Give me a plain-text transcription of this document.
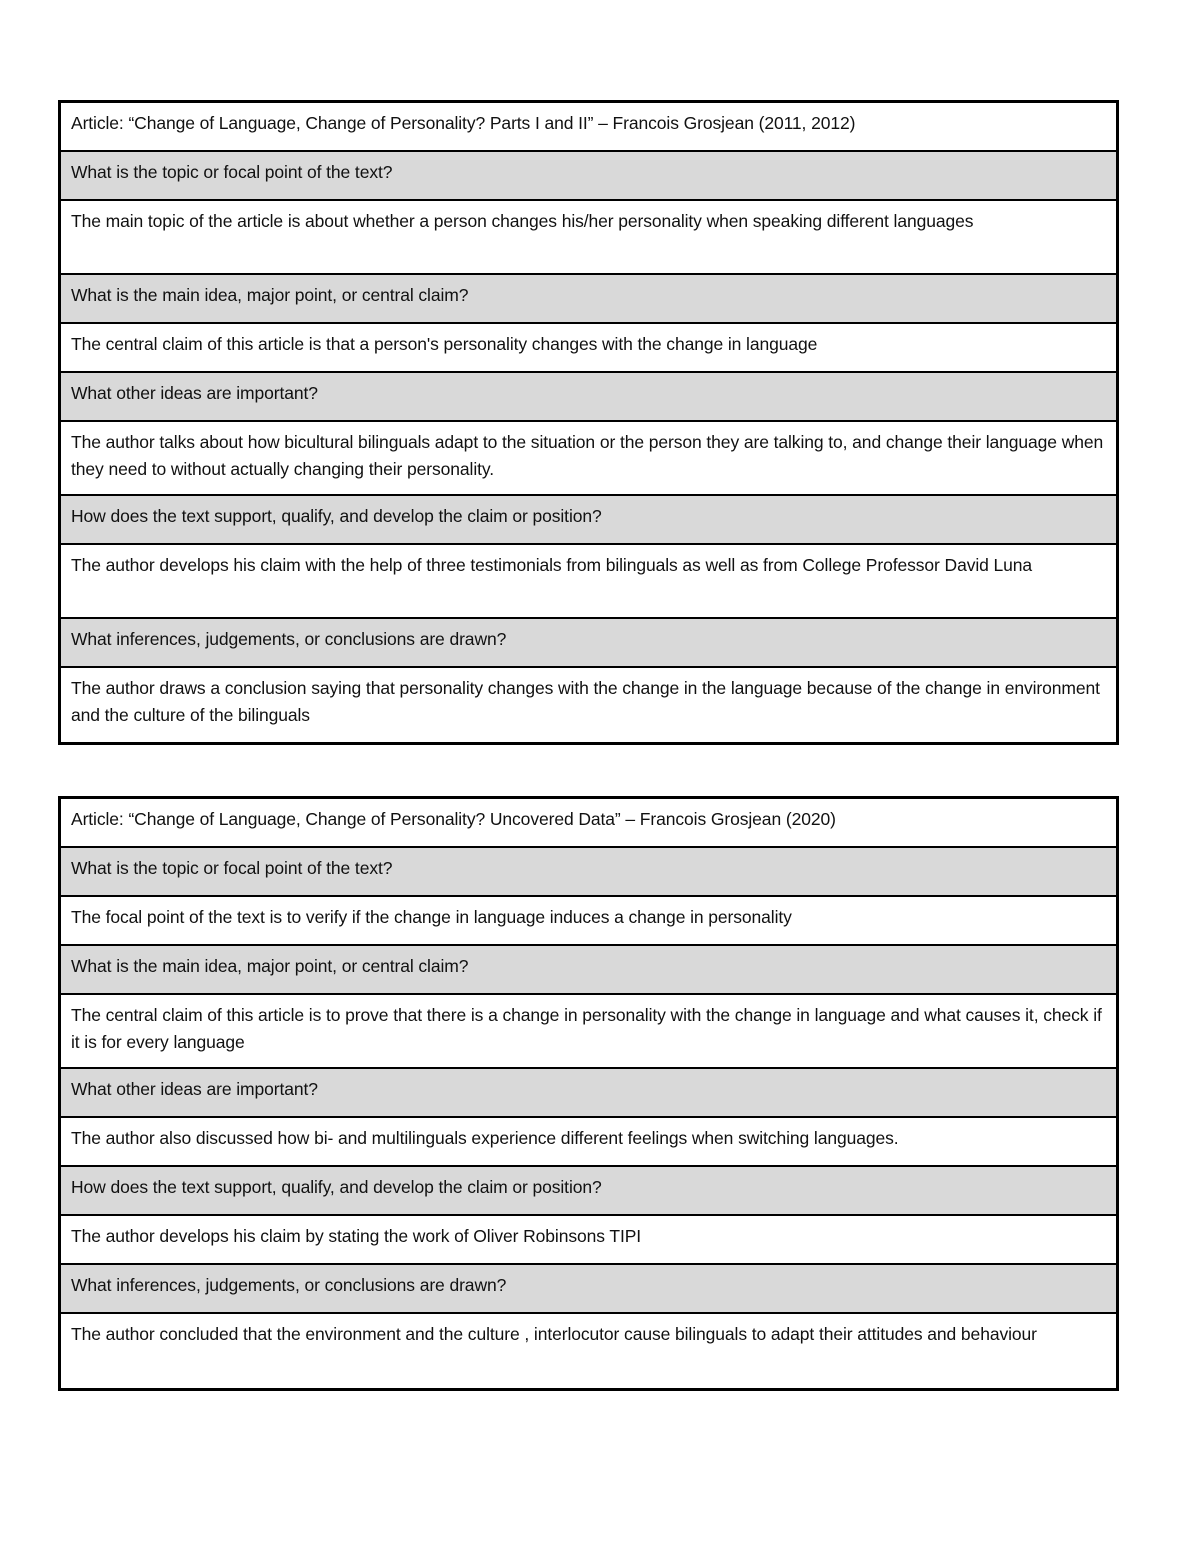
Article: “Change of Language, Change of Personality? Parts I and II” – Francois Grosjean (2011, 2012)
What is the topic or focal point of the text?
The main topic of the article is about whether a person changes his/her personality when speaking different languages
What is the main idea, major point, or central claim?
The central claim of this article is that a person's personality changes with the change in language
What other ideas are important?
The author talks about how bicultural bilinguals adapt to the situation or the person they are talking to, and change their language when they need to without actually changing their personality.
How does the text support, qualify, and develop the claim or position?
The author develops his claim with the help of three testimonials from bilinguals as well as from College Professor David Luna
What inferences, judgements, or conclusions are drawn?
The author draws a conclusion saying that personality changes with the change in the language because of the change in environment and the culture of the bilinguals
Article: “Change of Language, Change of Personality? Uncovered Data” – Francois Grosjean (2020)
What is the topic or focal point of the text?
The focal point of the text is to verify if the change in language induces a change in personality
What is the main idea, major point, or central claim?
The central claim of this article is to prove that there is a change in personality with the change in language and what causes it, check if it is for every language
What other ideas are important?
The author also discussed how bi- and multilinguals experience different feelings when switching languages.
How does the text support, qualify, and develop the claim or position?
The author develops his claim by stating the work of Oliver Robinsons TIPI
What inferences, judgements, or conclusions are drawn?
The author concluded that the environment and the culture , interlocutor cause bilinguals to adapt their attitudes and behaviour
